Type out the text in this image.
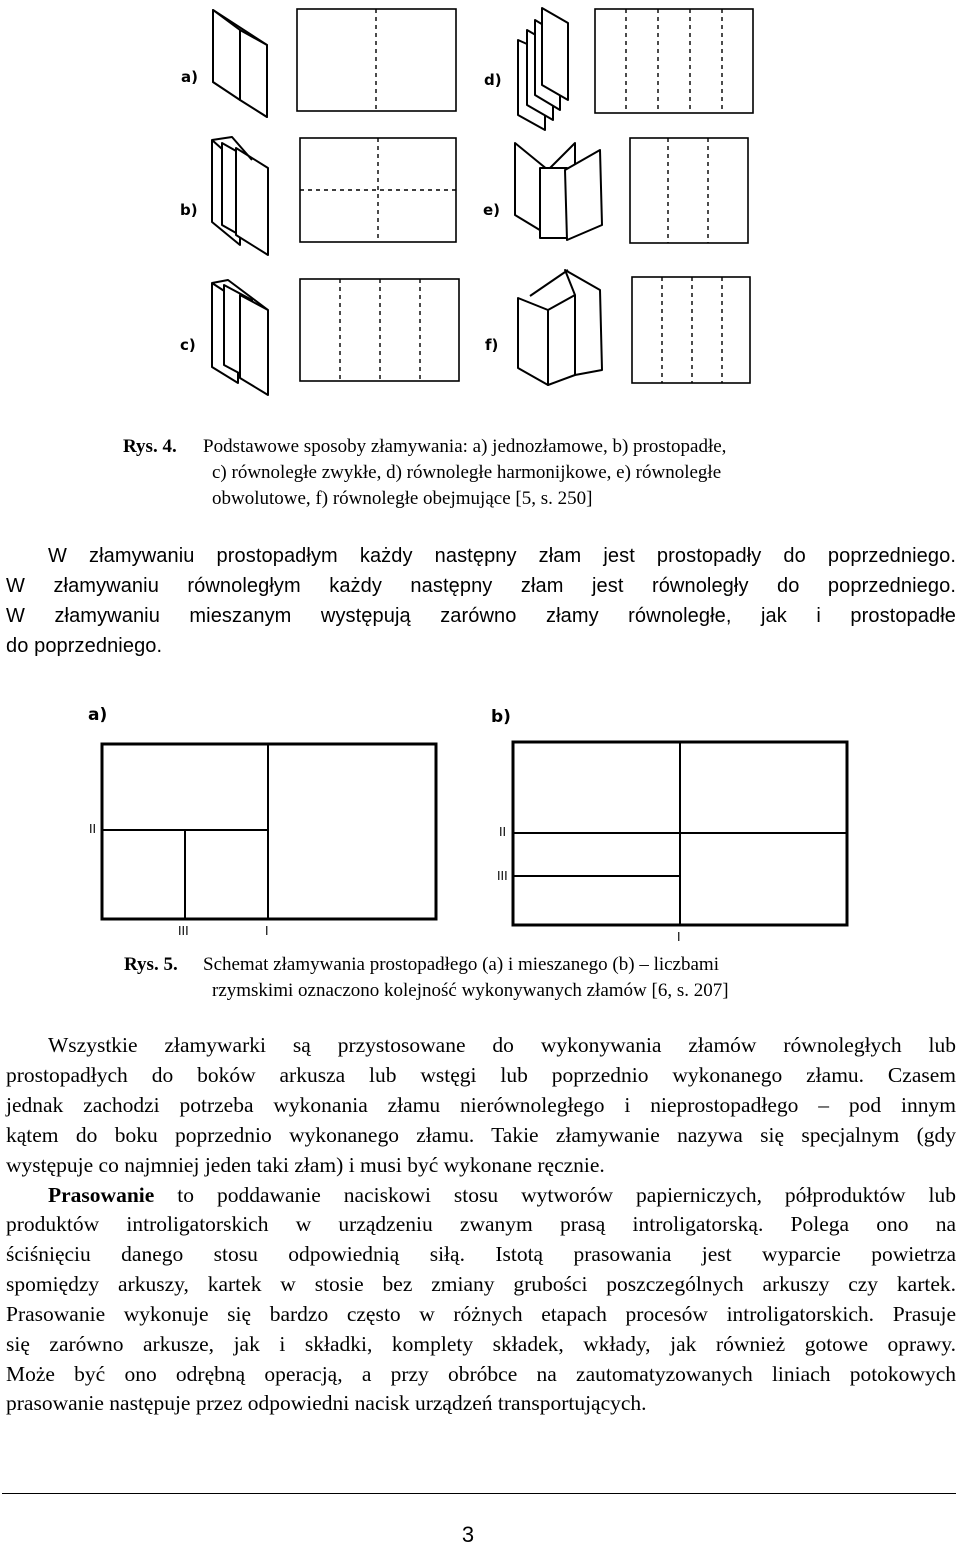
a)
b)
c)
d)
e)
f)
Rys. 4. Podstawowe sposoby złamywania: a) jednozłamowe, b) prostopadłe,
c) równoległe zwykłe, d) równoległe harmonijkowe, e) równoległe
obwolutowe, f) równoległe obejmujące [5, s. 250]
W złamywaniu prostopadłym każdy następny złam jest prostopadły do poprzedniego.
W złamywaniu równoległym każdy następny złam jest równoległy do poprzedniego.
W złamywaniu mieszanym występują zarówno złamy równoległe, jak i prostopadłe
do poprzedniego.
a)	b)
II
III	I
II
III
I
Rys. 5. Schemat złamywania prostopadłego (a) i mieszanego (b) – liczbami
rzymskimi oznaczono kolejność wykonywanych złamów [6, s. 207]
Wszystkie złamywarki są przystosowane do wykonywania złamów równoległych lub
prostopadłych do boków arkusza lub wstęgi lub poprzednio wykonanego złamu. Czasem
jednak zachodzi potrzeba wykonania złamu nierównoległego i nieprostopadłego – pod innym
kątem do boku poprzednio wykonanego złamu. Takie złamywanie nazywa się specjalnym (gdy
występuje co najmniej jeden taki złam) i musi być wykonane ręcznie.
Prasowanie to poddawanie naciskowi stosu wytworów papierniczych, półproduktów lub
produktów introligatorskich w urządzeniu zwanym prasą introligatorską. Polega ono na
ściśnięciu danego stosu odpowiednią siłą. Istotą prasowania jest wyparcie powietrza
spomiędzy arkuszy, kartek w stosie bez zmiany grubości poszczególnych arkuszy czy kartek.
Prasowanie wykonuje się bardzo często w różnych etapach procesów introligatorskich. Prasuje
się zarówno arkusze, jak i składki, komplety składek, wkłady, jak również gotowe oprawy.
Może być ono odrębną operacją, a przy obróbce na zautomatyzowanych liniach potokowych
prasowanie następuje przez odpowiedni nacisk urządzeń transportujących.
3
